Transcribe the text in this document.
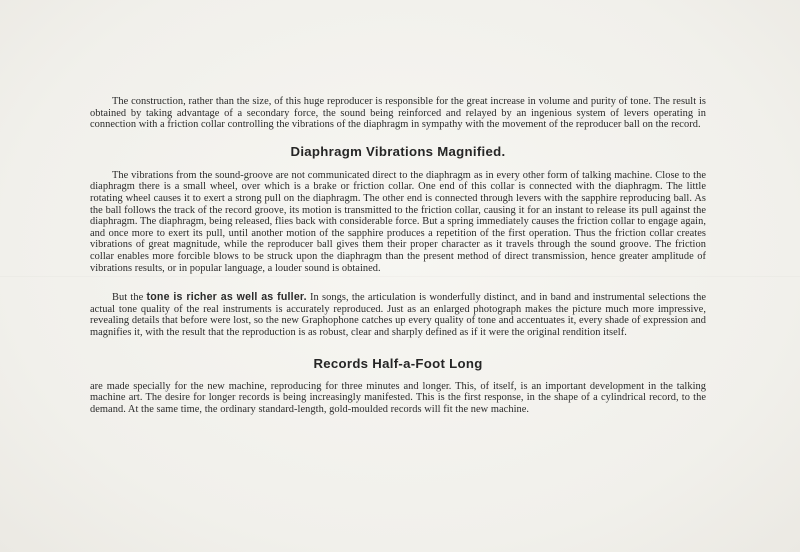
The construction, rather than the size, of this huge reproducer is responsible for the great increase in volume and purity of tone. The result is obtained by taking advantage of a secondary force, the sound being reinforced and relayed by an ingenious system of levers operating in connection with a friction collar controlling the vibrations of the diaphragm in sympathy with the movement of the reproducer ball on the record.

Diaphragm Vibrations Magnified.

The vibrations from the sound-groove are not communicated direct to the diaphragm as in every other form of talking machine. Close to the diaphragm there is a small wheel, over which is a brake or friction collar. One end of this collar is connected with the diaphragm. The little rotating wheel causes it to exert a strong pull on the diaphragm. The other end is connected through levers with the sapphire reproducing ball. As the ball follows the track of the record groove, its motion is transmitted to the friction collar, causing it for an instant to release its pull against the diaphragm. The diaphragm, being released, flies back with considerable force. But a spring immediately causes the friction collar to engage again, and once more to exert its pull, until another motion of the sapphire produces a repetition of the first operation. Thus the friction collar creates vibrations of great magnitude, while the reproducer ball gives them their proper character as it travels through the sound groove. The friction collar enables more forcible blows to be struck upon the diaphragm than the present method of direct transmission, hence greater amplitude of vibrations results, or in popular language, a louder sound is obtained.

But the tone is richer as well as fuller. In songs, the articulation is wonderfully distinct, and in band and instrumental selections the actual tone quality of the real instruments is accurately reproduced. Just as an enlarged photograph makes the picture much more impressive, revealing details that before were lost, so the new Graphophone catches up every quality of tone and accentuates it, every shade of expression and magnifies it, with the result that the reproduction is as robust, clear and sharply defined as if it were the original rendition itself.

Records Half-a-Foot Long

are made specially for the new machine, reproducing for three minutes and longer. This, of itself, is an important development in the talking machine art. The desire for longer records is being increasingly manifested. This is the first response, in the shape of a cylindrical record, to the demand. At the same time, the ordinary standard-length, gold-moulded records will fit the new machine.
